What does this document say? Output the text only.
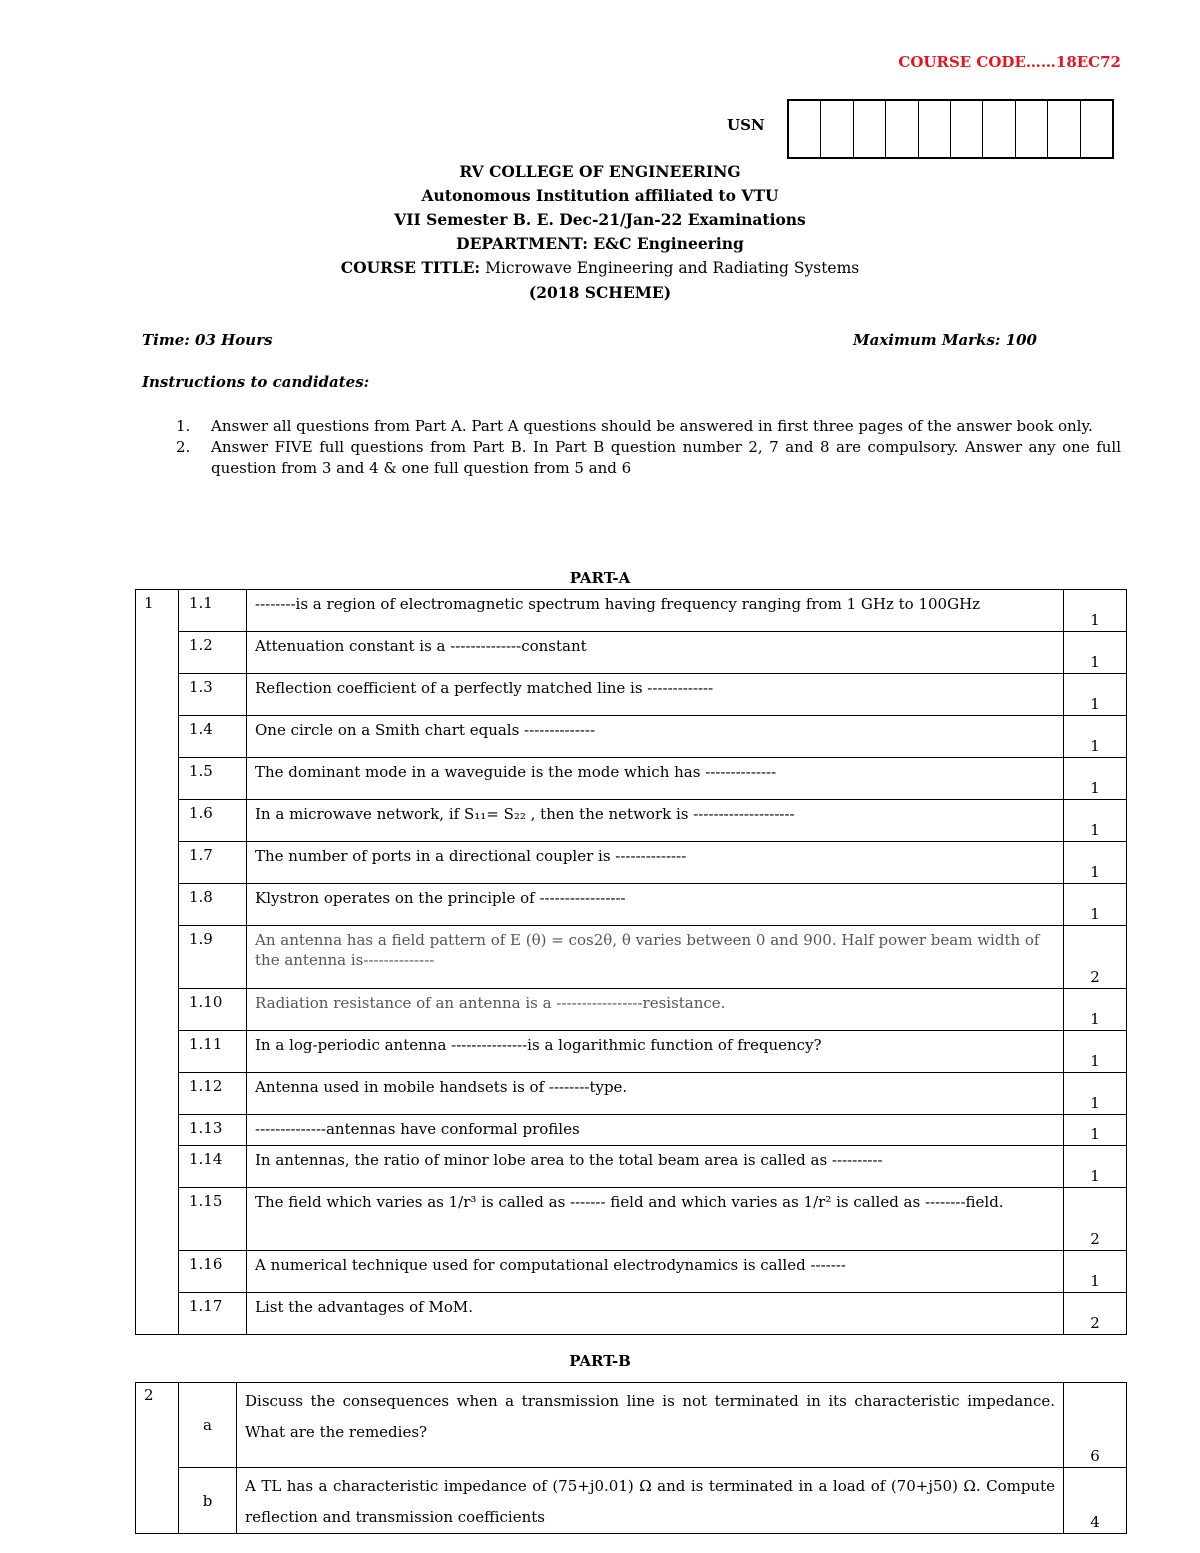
COURSE CODE……18EC72
USN
RV COLLEGE OF ENGINEERING
Autonomous Institution affiliated to VTU
VII Semester B. E. Dec-21/Jan-22 Examinations
DEPARTMENT: E&C Engineering
COURSE TITLE: Microwave Engineering and Radiating Systems
(2018 SCHEME)
Time: 03 Hours	Maximum Marks: 100
Instructions to candidates:
1.	Answer all questions from Part A. Part A questions should be answered in first three pages of the answer book only.
2.	Answer FIVE full questions from Part B. In Part B question number 2, 7 and 8 are compulsory. Answer any one full question from 3 and 4 & one full question from 5 and 6
PART-A
1	1.1	--------is a region of electromagnetic spectrum having frequency ranging from 1 GHz to 100GHz	1
	1.2	Attenuation constant is a --------------constant	1
	1.3	Reflection coefficient of a perfectly matched line is -------------	1
	1.4	One circle on a Smith chart equals --------------	1
	1.5	The dominant mode in a waveguide is the mode which has --------------	1
	1.6	In a microwave network, if S₁₁= S₂₂ , then the network is --------------------	1
	1.7	The number of ports in a directional coupler is --------------	1
	1.8	Klystron operates on the principle of -----------------	1
	1.9	An antenna has a field pattern of E (θ) = cos2θ, θ varies between 0 and 900. Half power beam width of the antenna is--------------	2
	1.10	Radiation resistance of an antenna is a -----------------resistance.	1
	1.11	In a log-periodic antenna ---------------is a logarithmic function of frequency?	1
	1.12	Antenna used in mobile handsets is of --------type.	1
	1.13	--------------antennas have conformal profiles	1
	1.14	In antennas, the ratio of minor lobe area to the total beam area is called as ----------	1
	1.15	The field which varies as 1/r³ is called as ------- field and which varies as 1/r² is called as --------field.	2
	1.16	A numerical technique used for computational electrodynamics is called -------	1
	1.17	List the advantages of MoM.	2
PART-B
2	a	Discuss the consequences when a transmission line is not terminated in its characteristic impedance. What are the remedies?	6
	b	A TL has a characteristic impedance of (75+j0.01) Ω and is terminated in a load of (70+j50) Ω. Compute reflection and transmission coefficients	4
